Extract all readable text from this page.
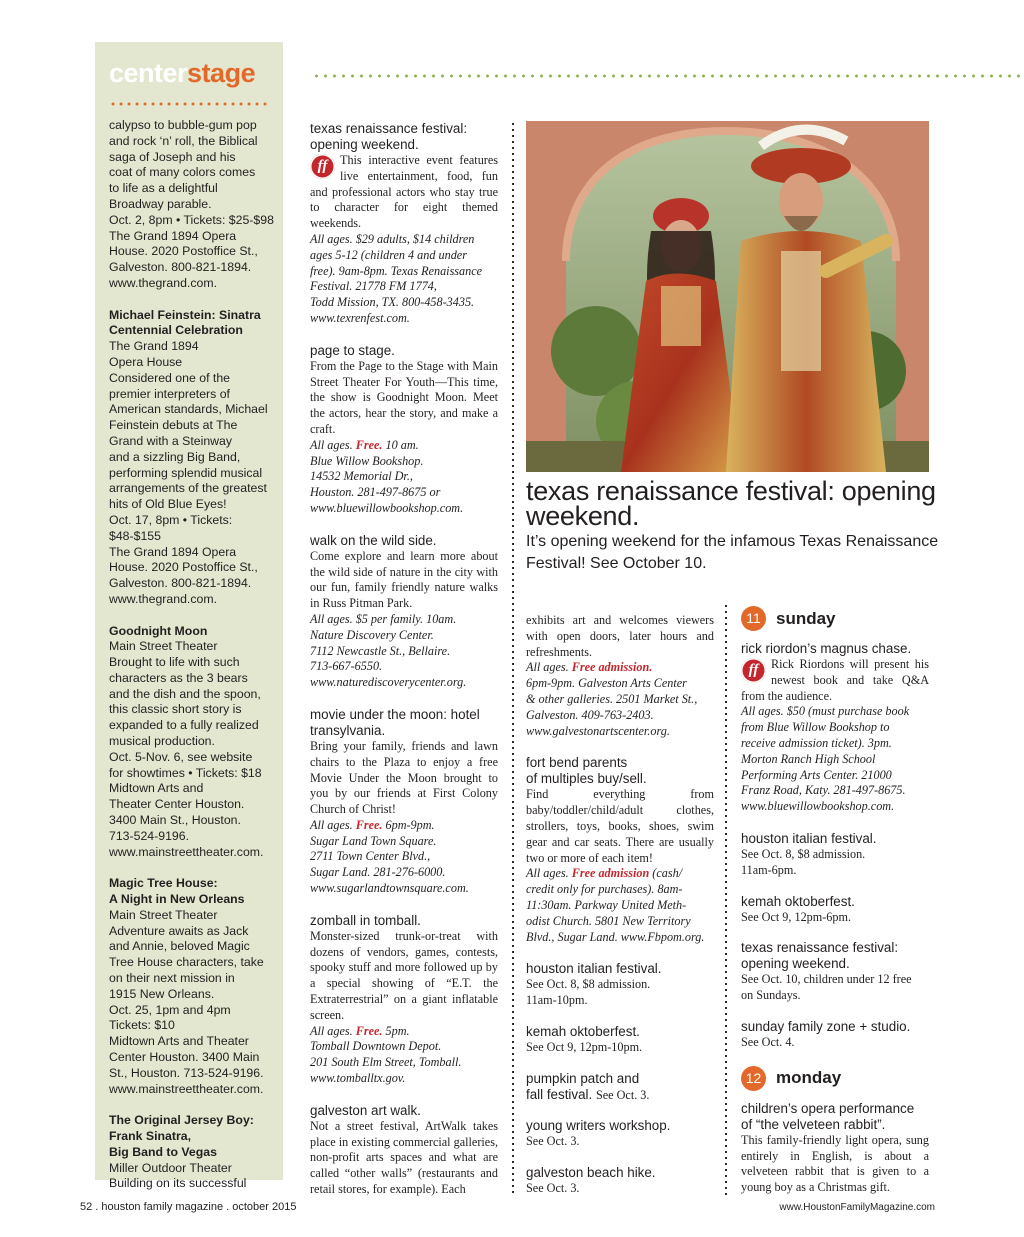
centerstage
calypso to bubble-gum pop
and rock ‘n’ roll, the Biblical
saga of Joseph and his
coat of many colors comes
to life as a delightful
Broadway parable.
Oct. 2, 8pm • Tickets: $25-$98
The Grand 1894 Opera
House. 2020 Postoffice St.,
Galveston. 800-821-1894.
www.thegrand.com.
Michael Feinstein: Sinatra
Centennial Celebration
The Grand 1894
Opera House
Considered one of the
premier interpreters of
American standards, Michael
Feinstein debuts at The
Grand with a Steinway
and a sizzling Big Band,
performing splendid musical
arrangements of the greatest
hits of Old Blue Eyes!
Oct. 17, 8pm • Tickets: $48-$155
The Grand 1894 Opera
House. 2020 Postoffice St.,
Galveston. 800-821-1894.
www.thegrand.com.
Goodnight Moon
Main Street Theater
Brought to life with such
characters as the 3 bears
and the dish and the spoon,
this classic short story is
expanded to a fully realized
musical production.
Oct. 5-Nov. 6, see website
for showtimes • Tickets: $18
Midtown Arts and
Theater Center Houston.
3400 Main St., Houston.
713-524-9196.
www.mainstreettheater.com.
Magic Tree House:
A Night in New Orleans
Main Street Theater
Adventure awaits as Jack
and Annie, beloved Magic
Tree House characters, take
on their next mission in
1915 New Orleans.
Oct. 25, 1pm and 4pm
Tickets: $10
Midtown Arts and Theater
Center Houston. 3400 Main
St., Houston. 713-524-9196.
www.mainstreettheater.com.
The Original Jersey Boy:
Frank Sinatra,
Big Band to Vegas
Miller Outdoor Theater
Building on its successful
texas renaissance festival: opening weekend.

ff	This interactive event features live entertainment, food, fun and professional actors who stay true to character for eight themed weekends.

All ages. $29 adults, $14 children

ages 5-12 (children 4 and under

free). 9am-8pm. Texas Renaissance

Festival. 21778 FM 1774,

Todd Mission, TX. 800-458-3435.

www.texrenfest.com.

page to stage.

From the Page to the Stage with Main Street Theater For Youth—This time, the show is Goodnight Moon. Meet the actors, hear the story, and make a craft.

All ages. Free. 10 am.

Blue Willow Bookshop.

14532 Memorial Dr.,

Houston. 281-497-8675 or

www.bluewillowbookshop.com.

walk on the wild side.

Come explore and learn more about the wild side of nature in the city with our fun, family friendly nature walks in Russ Pitman Park.

All ages. $5 per family. 10am.

Nature Discovery Center.

7112 Newcastle St., Bellaire.

713-667-6550.

www.naturediscoverycenter.org.

movie under the moon: hotel transylvania.

Bring your family, friends and lawn chairs to the Plaza to enjoy a free Movie Under the Moon brought to you by our friends at First Colony Church of Christ!

All ages. Free. 6pm-9pm.

Sugar Land Town Square.

2711 Town Center Blvd.,

Sugar Land. 281-276-6000.

www.sugarlandtownsquare.com.

zomball in tomball.

Monster-sized trunk-or-treat with dozens of vendors, games, contests, spooky stuff and more followed up by a special showing of “E.T. the Extraterrestrial” on a giant inflatable screen.

All ages. Free. 5pm.

Tomball Downtown Depot.

201 South Elm Street, Tomball.

www.tomballtx.gov.

galveston art walk.

Not a street festival, ArtWalk takes place in existing commercial galleries, non-profit arts spaces and what are called “other walls” (restaurants and retail stores, for example). Each

texas renaissance festival: opening weekend.
It’s opening weekend for the infamous Texas Renaissance Festival! See October 10.

exhibits art and welcomes viewers with open doors, later hours and refreshments.

All ages. Free admission.

6pm-9pm. Galveston Arts Center

& other galleries. 2501 Market St.,

Galveston. 409-763-2403.

www.galvestonartscenter.org.

fort bend parents
of multiples buy/sell.

Find everything from baby/toddler/child/adult clothes, strollers, toys, books, shoes, swim gear and car seats. There are usually two or more of each item!

All ages. Free admission (cash/

credit only for purchases). 8am-

11:30am. Parkway United Meth-

odist Church. 5801 New Territory

Blvd., Sugar Land. www.Fbpom.org.

houston italian festival.

See Oct. 8, $8 admission.

11am-10pm.

kemah oktoberfest.

See Oct 9, 12pm-10pm.

pumpkin patch and
fall festival. See Oct. 3.
young writers workshop.

See Oct. 3.

galveston beach hike.

See Oct. 3.

11 sunday
rick riordon’s magnus chase.

ff	Rick Riordons will present his newest book and take Q&A from the audience.

All ages. $50 (must purchase book

from Blue Willow Bookshop to

receive admission ticket). 3pm.

Morton Ranch High School

Performing Arts Center. 21000

Franz Road, Katy. 281-497-8675.

www.bluewillowbookshop.com.

houston italian festival.

See Oct. 8, $8 admission.

11am-6pm.

kemah oktoberfest.

See Oct 9, 12pm-6pm.

texas renaissance festival:
opening weekend.

See Oct. 10, children under 12 free

on Sundays.

sunday family zone + studio.

See Oct. 4.

12 monday
children’s opera performance
of “the velveteen rabbit”.

This family-friendly light opera, sung entirely in English, is about a velveteen rabbit that is given to a young boy as a Christmas gift.

52 . houston family magazine . october 2015	www.HoustonFamilyMagazine.com
